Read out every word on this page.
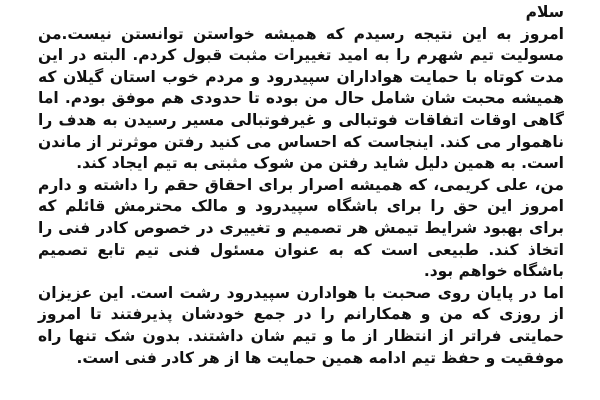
سلام

امروز به این نتیجه رسیدم که همیشه خواستن توانستن نیست.من مسولیت تیم شهرم را به امید تغییرات مثبت قبول کردم. البته در این مدت کوتاه با حمایت هواداران سپیدرود و مردم خوب استان گیلان که همیشه محبت شان شامل حال من بوده تا حدودی هم موفق بودم. اما گاهی اوقات اتفاقات فوتبالی و غیرفوتبالی مسیر رسیدن به هدف را ناهموار می کند. اینجاست که احساس می کنید رفتن موثرتر از ماندن است. به همین دلیل شاید رفتن من شوک مثبتی به تیم ایجاد کند.

من، علی کریمی، که همیشه اصرار برای احقاق حقم را داشته و دارم امروز این حق را برای باشگاه سپیدرود و مالک محترمش قائلم که برای بهبود شرایط تیمش هر تصمیم و تغییری در خصوص کادر فنی را اتخاذ کند. طبیعی است که به عنوان مسئول فنی تیم تابع تصمیم باشگاه خواهم بود.

اما در پایان روی صحبت با هوادارن سپیدرود رشت است. این عزیزان از روزی که من و همکارانم را در جمع خودشان پذیرفتند تا امروز حمایتی فراتر از انتظار از ما و تیم شان داشتند. بدون شک تنها راه موفقیت و حفظ تیم ادامه همین حمایت ها از هر کادر فنی است.
